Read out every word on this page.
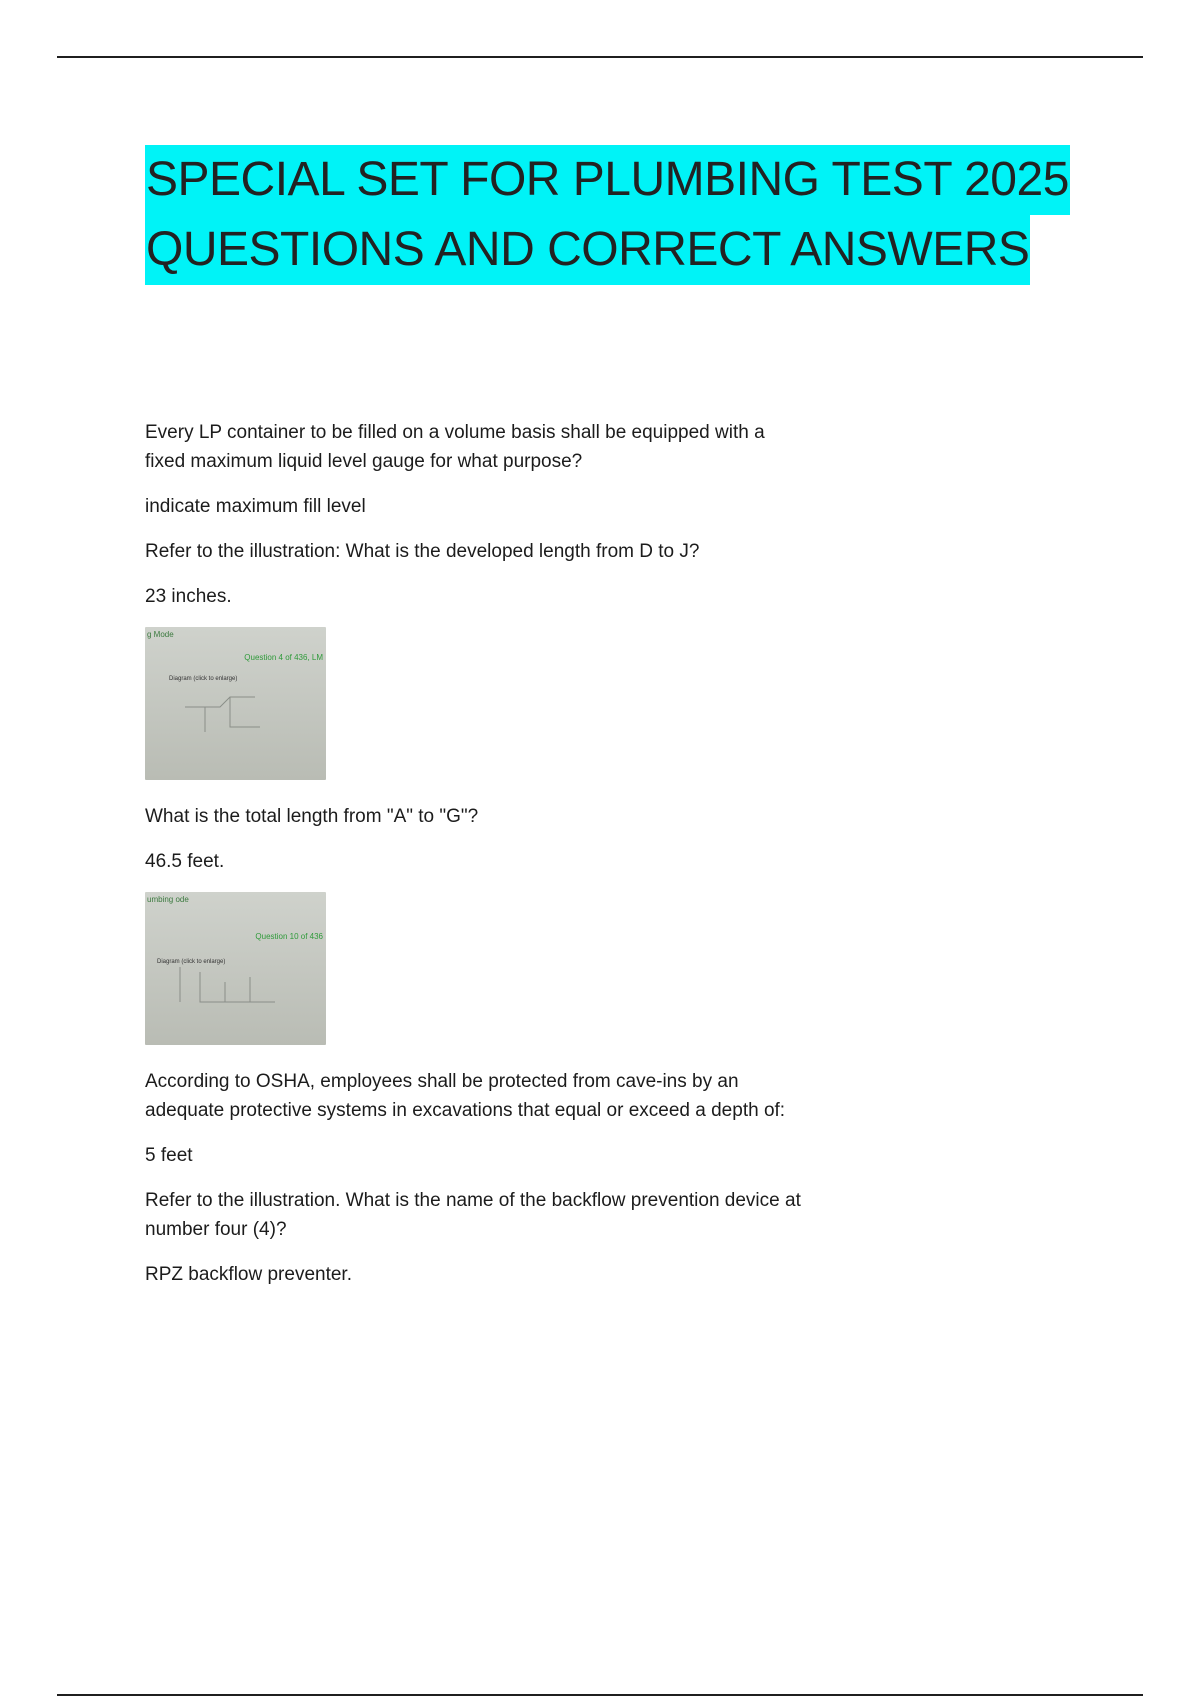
SPECIAL SET FOR PLUMBING TEST 2025
QUESTIONS AND CORRECT ANSWERS

Every LP container to be filled on a volume basis shall be equipped with a fixed maximum liquid level gauge for what purpose?

indicate maximum fill level

Refer to the illustration: What is the developed length from D to J?

23 inches.

g Mode
Question 4 of 436, LM
Diagram (click to enlarge)

What is the total length from "A" to "G"?

46.5 feet.

umbing ode
Question 10 of 436
Diagram (click to enlarge)

According to OSHA, employees shall be protected from cave-ins by an adequate protective systems in excavations that equal or exceed a depth of:

5 feet

Refer to the illustration. What is the name of the backflow prevention device at number four (4)?

RPZ backflow preventer.
